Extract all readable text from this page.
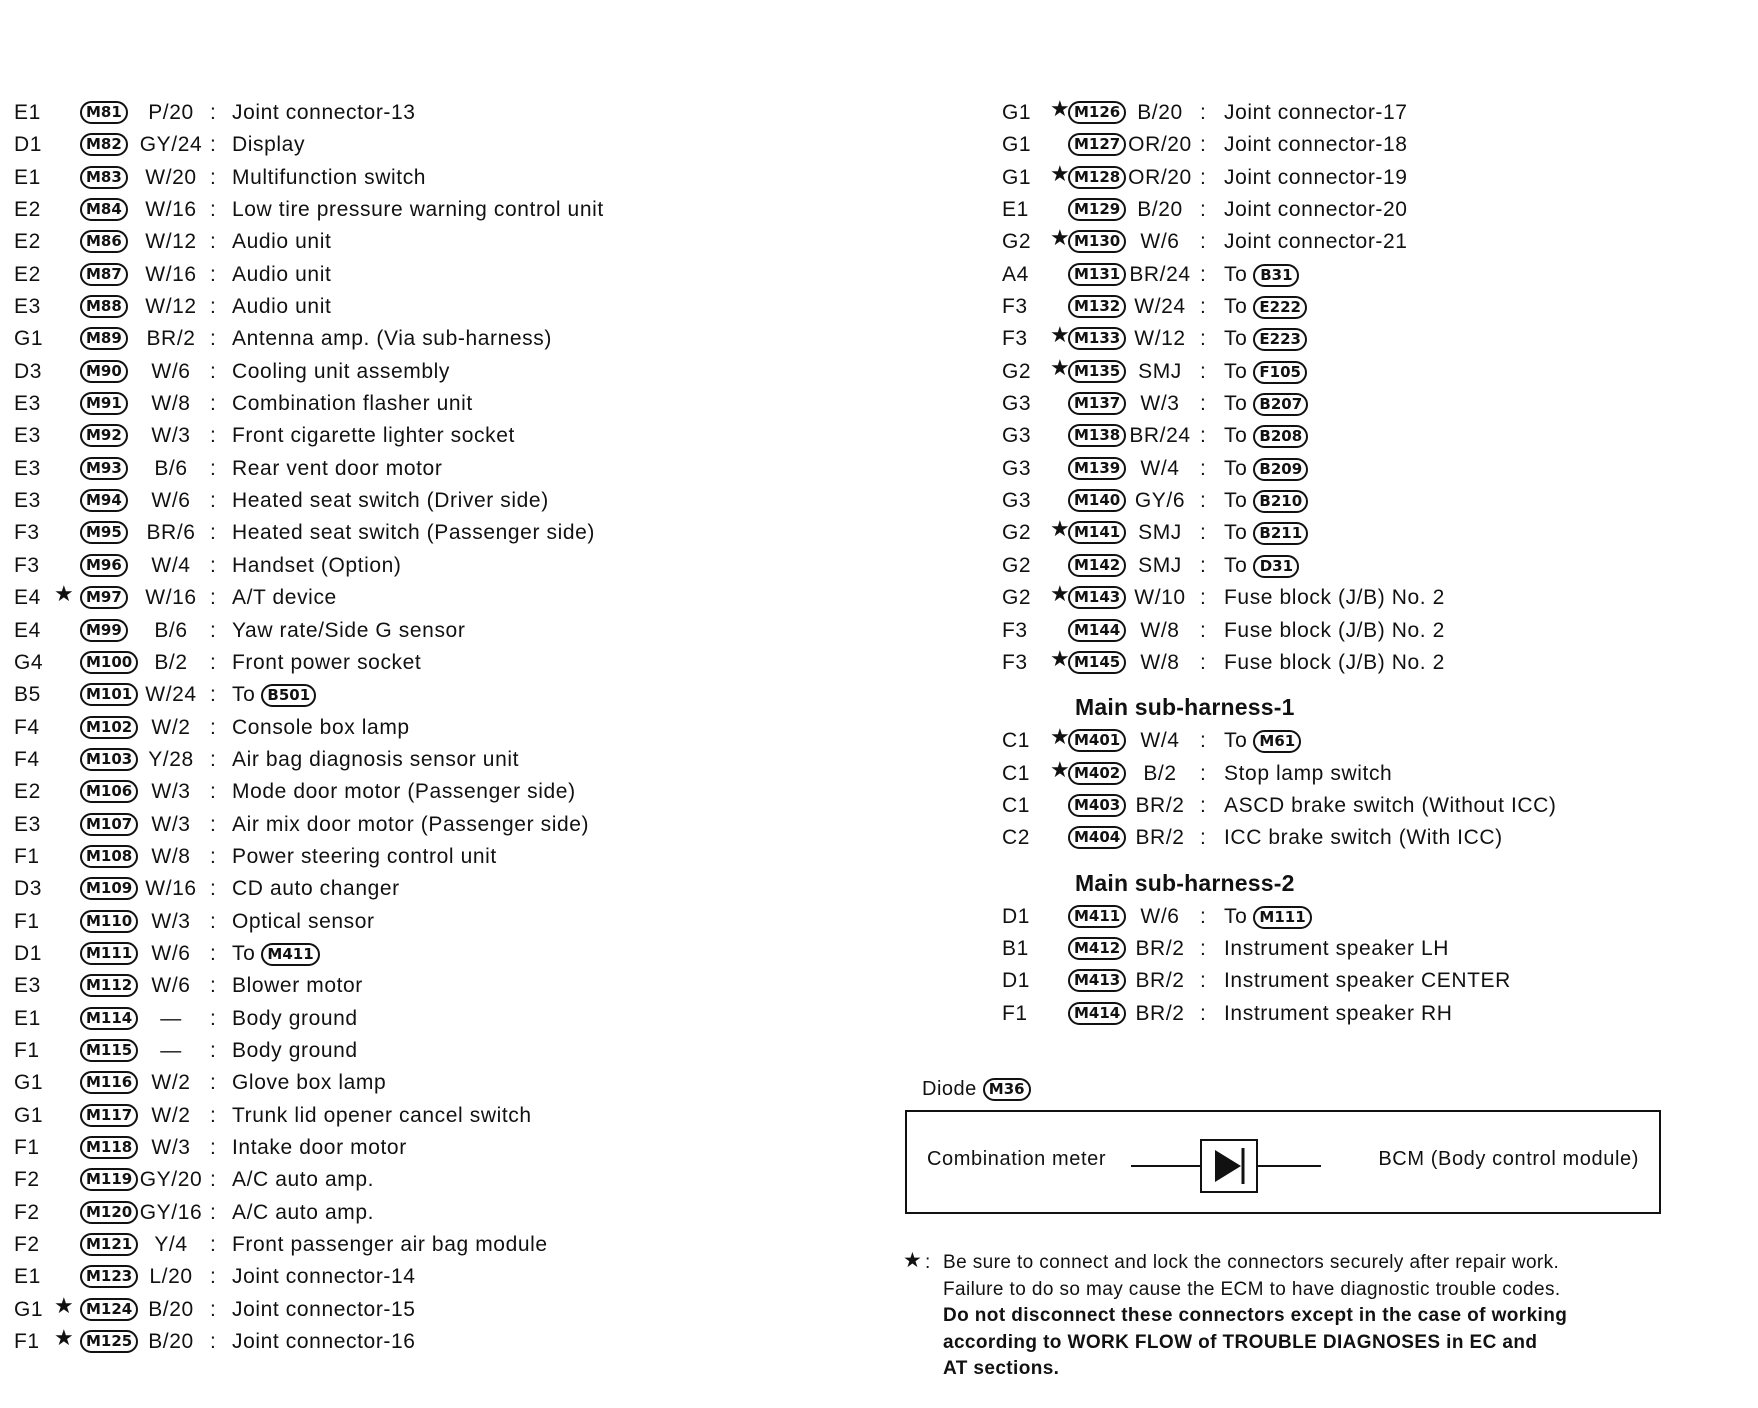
E1	M81	P/20 : Joint connector-13
D1	M82 GY/24 : Display
E1	M83	W/20 : Multifunction switch
E2	M84	W/16 : Low tire pressure warning control unit
E2	M86	W/12 : Audio unit
E2	M87	W/16 : Audio unit
E3	M88	W/12 : Audio unit
G1	M89	BR/2 : Antenna amp. (Via sub-harness)
D3	M90	W/6 : Cooling unit assembly
E3	M91	W/8 : Combination flasher unit
E3	M92	W/3 : Front cigarette lighter socket
E3	M93	B/6	: Rear vent door motor
E3	M94	W/6 : Heated seat switch (Driver side)
F3	M95	BR/6 : Heated seat switch (Passenger side)
F3	M96	W/4 : Handset (Option)
E4 ★ M97	W/16 : A/T device
E4	M99	B/6	: Yaw rate/Side G sensor
G4	M100	B/2	: Front power socket
B5	M101 W/24 : To B501
F4	M102 W/2 : Console box lamp
F4	M103 Y/28 : Air bag diagnosis sensor unit
E2	M106 W/3 : Mode door motor (Passenger side)
E3	M107 W/3 : Air mix door motor (Passenger side)
F1	M108 W/8 : Power steering control unit
D3	M109 W/16 : CD auto changer
F1	M110 W/3 : Optical sensor
D1	M111 W/6 : To M411
E3	M112 W/6 : Blower motor
E1	M114	—	: Body ground
F1	M115	—	: Body ground
G1	M116 W/2 : Glove box lamp
G1	M117 W/2 : Trunk lid opener cancel switch
F1	M118 W/3 : Intake door motor
F2	M119 GY/20 : A/C auto amp.
F2	M120 GY/16 : A/C auto amp.
F2	M121	Y/4	: Front passenger air bag module
E1	M123 L/20 : Joint connector-14
G1 ★ M124 B/20 : Joint connector-15
F1 ★ M125 B/20 : Joint connector-16
G1 ★ M126 B/20 : Joint connector-17
G1	M127 OR/20 : Joint connector-18
G1 ★ M128 OR/20 : Joint connector-19
E1	M129 B/20 : Joint connector-20
G2 ★ M130 W/6 : Joint connector-21
A4	M131 BR/24 : To B31
F3	M132 W/24 : To E222
F3 ★ M133 W/12 : To E223
G2 ★ M135 SMJ : To F105
G3	M137 W/3 : To B207
G3	M138 BR/24 : To B208
G3	M139 W/4 : To B209
G3	M140 GY/6 : To B210
G2 ★ M141 SMJ : To B211
G2	M142 SMJ : To D31
G2 ★ M143 W/10 : Fuse block (J/B) No. 2
F3	M144 W/8 : Fuse block (J/B) No. 2
F3 ★ M145 W/8 : Fuse block (J/B) No. 2
Main sub-harness-1
C1 ★ M401 W/4 : To M61
C1 ★ M402	B/2	: Stop lamp switch
C1	M403 BR/2 : ASCD brake switch (Without ICC)
C2	M404 BR/2 : ICC brake switch (With ICC)
Main sub-harness-2
D1	M411 W/6 : To M111
B1	M412 BR/2 : Instrument speaker LH
D1	M413 BR/2 : Instrument speaker CENTER
F1	M414 BR/2 : Instrument speaker RH
Diode M36
Combination meter	BCM (Body control module)
★ : Be sure to connect and lock the connectors securely after repair work.
Failure to do so may cause the ECM to have diagnostic trouble codes.
Do not disconnect these connectors except in the case of working
according to WORK FLOW of TROUBLE DIAGNOSES in EC and
AT sections.
